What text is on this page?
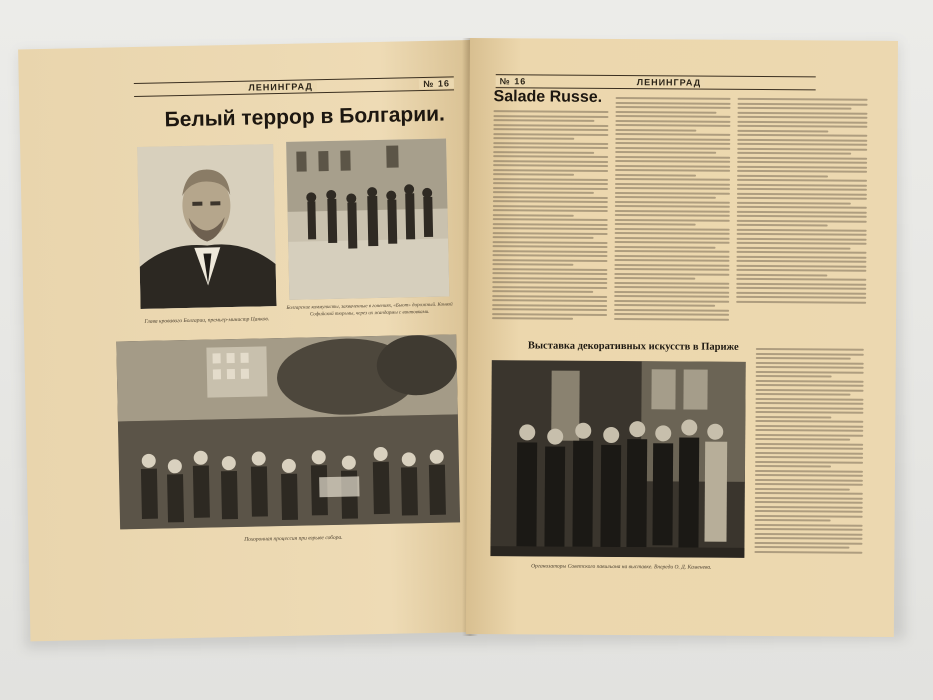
ЛЕНИНГРАД	№ 16
Белый террор в Болгарии.
Глава кровавого Болгарии, премьер-министр Цанков.
Болгарские коммунисты, захваченные в гонениях, «Бьют» дорожный. Конвой Софийской тюрьмы, через их жандармы с винтовками.
Похоронная процессия при взрыве собора.
№ 16	ЛЕНИНГРАД
Salade Russe.
Выставка декоративных искусств в Париже
Организаторы Советского павильона на выставке. Впереди О. Д. Каменева.
